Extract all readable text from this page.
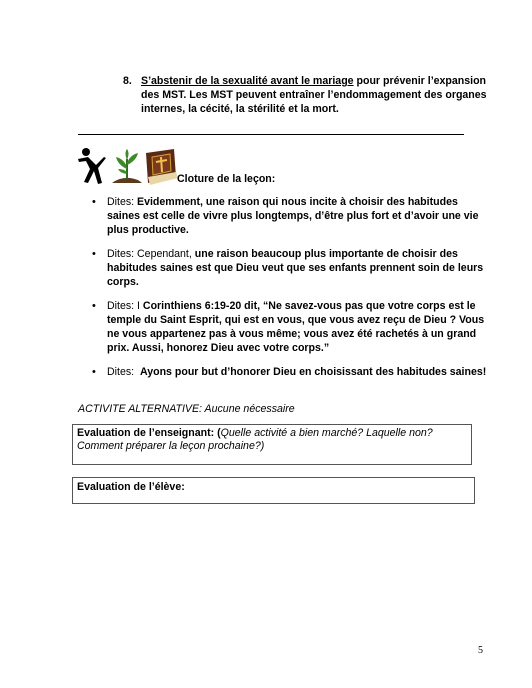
8. S’abstenir de la sexualité avant le mariage pour prévenir l’expansion des MST. Les MST peuvent entraîner l’endommagement des organes internes, la cécité, la stérilité et la mort.
Cloture de la leçon:
• Dites: Evidemment, une raison qui nous incite à choisir des habitudes saines est celle de vivre plus longtemps, d’être plus fort et d’avoir une vie plus productive.
• Dites: Cependant, une raison beaucoup plus importante de choisir des habitudes saines est que Dieu veut que ses enfants prennent soin de leurs corps.
• Dites: I Corinthiens 6:19-20 dit, “Ne savez-vous pas que votre corps est le temple du Saint Esprit, qui est en vous, que vous avez reçu de Dieu ? Vous ne vous appartenez pas à vous même; vous avez été rachetés à un grand prix. Aussi, honorez Dieu avec votre corps.”
• Dites:  Ayons pour but d’honorer Dieu en choisissant des habitudes saines!
ACTIVITE ALTERNATIVE: Aucune nécessaire
Evaluation de l’enseignant: (Quelle activité a bien marché? Laquelle non? Comment préparer la leçon prochaine?)
Evaluation de l’élève:
5
